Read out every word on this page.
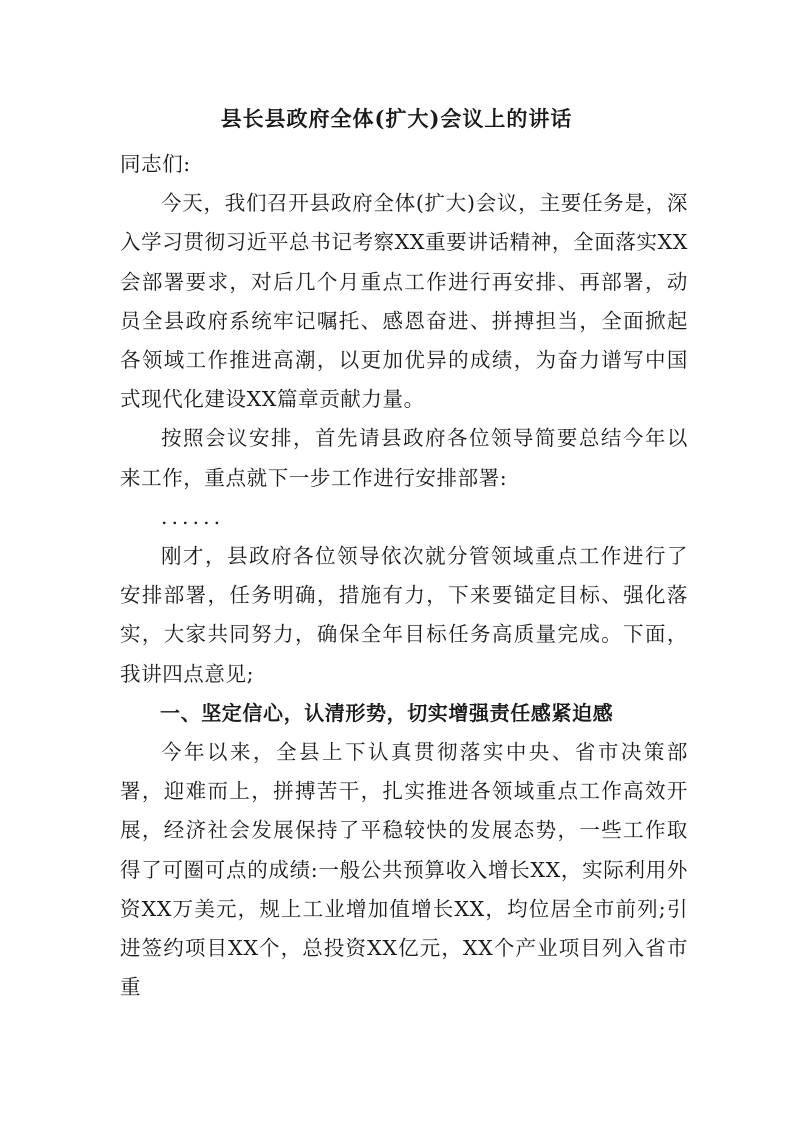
县长县政府全体(扩大)会议上的讲话

同志们:

今天，我们召开县政府全体(扩大)会议，主要任务是，深入学习贯彻习近平总书记考察XX重要讲话精神，全面落实XX会部署要求，对后几个月重点工作进行再安排、再部署，动员全县政府系统牢记嘱托、感恩奋进、拼搏担当，全面掀起各领域工作推进高潮，以更加优异的成绩，为奋力谱写中国式现代化建设XX篇章贡献力量。

按照会议安排，首先请县政府各位领导简要总结今年以来工作，重点就下一步工作进行安排部署:

......

刚才，县政府各位领导依次就分管领域重点工作进行了安排部署，任务明确，措施有力，下来要锚定目标、强化落实，大家共同努力，确保全年目标任务高质量完成。下面，我讲四点意见;

一、坚定信心，认清形势，切实增强责任感紧迫感

今年以来，全县上下认真贯彻落实中央、省市决策部署，迎难而上，拼搏苦干，扎实推进各领域重点工作高效开展，经济社会发展保持了平稳较快的发展态势，一些工作取得了可圈可点的成绩:一般公共预算收入增长XX，实际利用外资XX万美元，规上工业增加值增长XX，均位居全市前列;引进签约项目XX个，总投资XX亿元，XX个产业项目列入省市重
